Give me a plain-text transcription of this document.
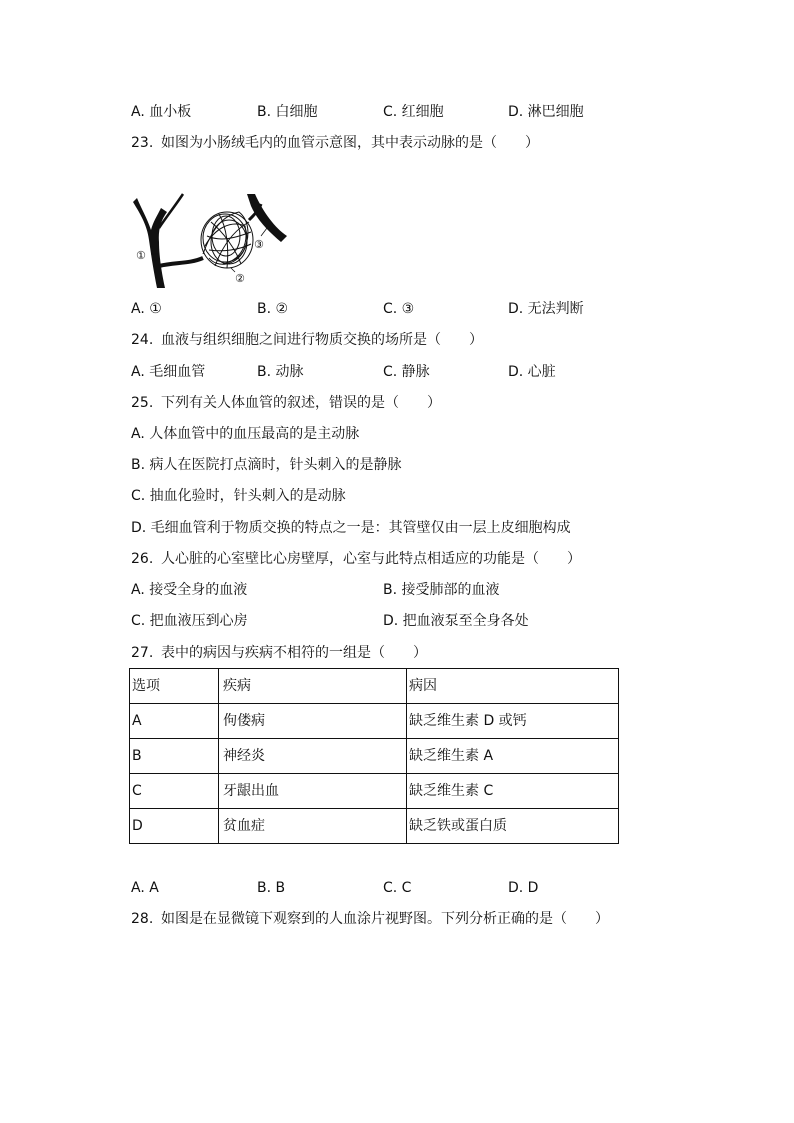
A. 血小板	B. 白细胞	C. 红细胞	D. 淋巴细胞
23. 如图为小肠绒毛内的血管示意图，其中表示动脉的是（　　）
①
②
③
A. ①	B. ②	C. ③	D. 无法判断
24. 血液与组织细胞之间进行物质交换的场所是（　　）
A. 毛细血管	B. 动脉	C. 静脉	D. 心脏
25. 下列有关人体血管的叙述，错误的是（　　）
A. 人体血管中的血压最高的是主动脉
B. 病人在医院打点滴时，针头刺入的是静脉
C. 抽血化验时，针头刺入的是动脉
D. 毛细血管利于物质交换的特点之一是：其管壁仅由一层上皮细胞构成
26. 人心脏的心室壁比心房壁厚，心室与此特点相适应的功能是（　　）
A. 接受全身的血液	B. 接受肺部的血液
C. 把血液压到心房	D. 把血液泵至全身各处
27. 表中的病因与疾病不相符的一组是（　　）
选项	疾病	病因
A	佝偻病	缺乏维生素 D 或钙
B	神经炎	缺乏维生素 A
C	牙龈出血	缺乏维生素 C
D	贫血症	缺乏铁或蛋白质
A. A	B. B	C. C	D. D
28. 如图是在显微镜下观察到的人血涂片视野图。下列分析正确的是（　　）
